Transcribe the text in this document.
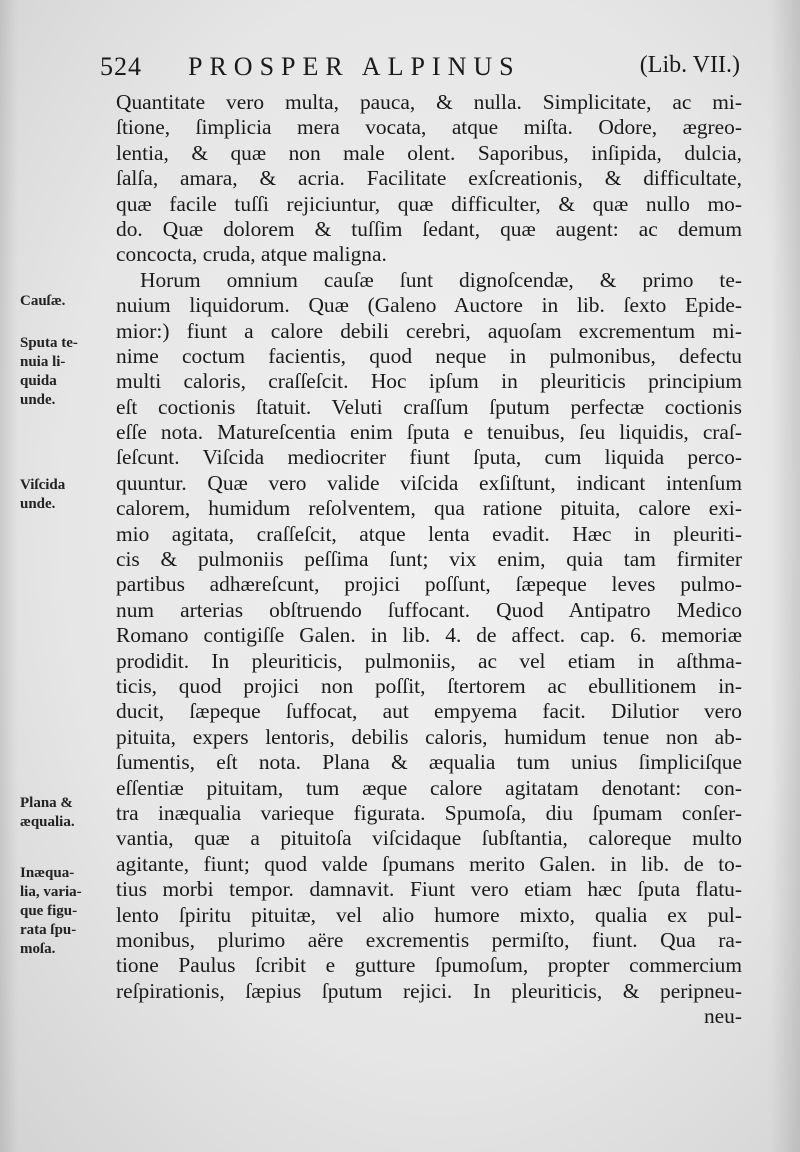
524 PROSPER ALPINUS	(Lib. VII.)
Quantitate vero multa, pauca, & nulla. Simplicitate, ac mi-
ſtione, ſimplicia mera vocata, atque miſta. Odore, ægreo-
lentia, & quæ non male olent. Saporibus, inſipida, dulcia,
ſalſa, amara, & acria. Facilitate exſcreationis, & difficultate,
quæ facile tuſſi rejiciuntur, quæ difficulter, & quæ nullo mo-
do. Quæ dolorem & tuſſim ſedant, quæ augent: ac demum
concocta, cruda, atque maligna.
Horum omnium cauſæ ſunt dignoſcendæ, & primo te-
nuium liquidorum. Quæ (Galeno Auctore in lib. ſexto Epide-
mior:) fiunt a calore debili cerebri, aquoſam excrementum mi-
nime coctum facientis, quod neque in pulmonibus, defectu
multi caloris, craſſeſcit. Hoc ipſum in pleuriticis principium
eſt coctionis ſtatuit. Veluti craſſum ſputum perfectæ coctionis
eſſe nota. Matureſcentia enim ſputa e tenuibus, ſeu liquidis, craſ-
ſeſcunt. Viſcida mediocriter fiunt ſputa, cum liquida perco-
quuntur. Quæ vero valide viſcida exſiſtunt, indicant intenſum
calorem, humidum reſolventem, qua ratione pituita, calore exi-
mio agitata, craſſeſcit, atque lenta evadit. Hæc in pleuriti-
cis & pulmoniis peſſima ſunt; vix enim, quia tam firmiter
partibus adhæreſcunt, projici poſſunt, ſæpeque leves pulmo-
num arterias obſtruendo ſuffocant. Quod Antipatro Medico
Romano contigiſſe Galen. in lib. 4. de affect. cap. 6. memoriæ
prodidit. In pleuriticis, pulmoniis, ac vel etiam in aſthma-
ticis, quod projici non poſſit, ſtertorem ac ebullitionem in-
ducit, ſæpeque ſuffocat, aut empyema facit. Dilutior vero
pituita, expers lentoris, debilis caloris, humidum tenue non ab-
ſumentis, eſt nota. Plana & æqualia tum unius ſimpliciſque
eſſentiæ pituitam, tum æque calore agitatam denotant: con-
tra inæqualia varieque figurata. Spumoſa, diu ſpumam conſer-
vantia, quæ a pituitoſa viſcidaque ſubſtantia, caloreque multo
agitante, fiunt; quod valde ſpumans merito Galen. in lib. de to-
tius morbi tempor. damnavit. Fiunt vero etiam hæc ſputa flatu-
lento ſpiritu pituitæ, vel alio humore mixto, qualia ex pul-
monibus, plurimo aëre excrementis permiſto, fiunt. Qua ra-
tione Paulus ſcribit e gutture ſpumoſum, propter commercium
reſpirationis, ſæpius ſputum rejici. In pleuriticis, & peripneu-
neu-
Cauſæ.
Sputa te-
nuia li-
quida
unde.
Viſcida
unde.
Plana &
æqualia.
Inæqua-
lia, varia-
que figu-
rata ſpu-
moſa.
